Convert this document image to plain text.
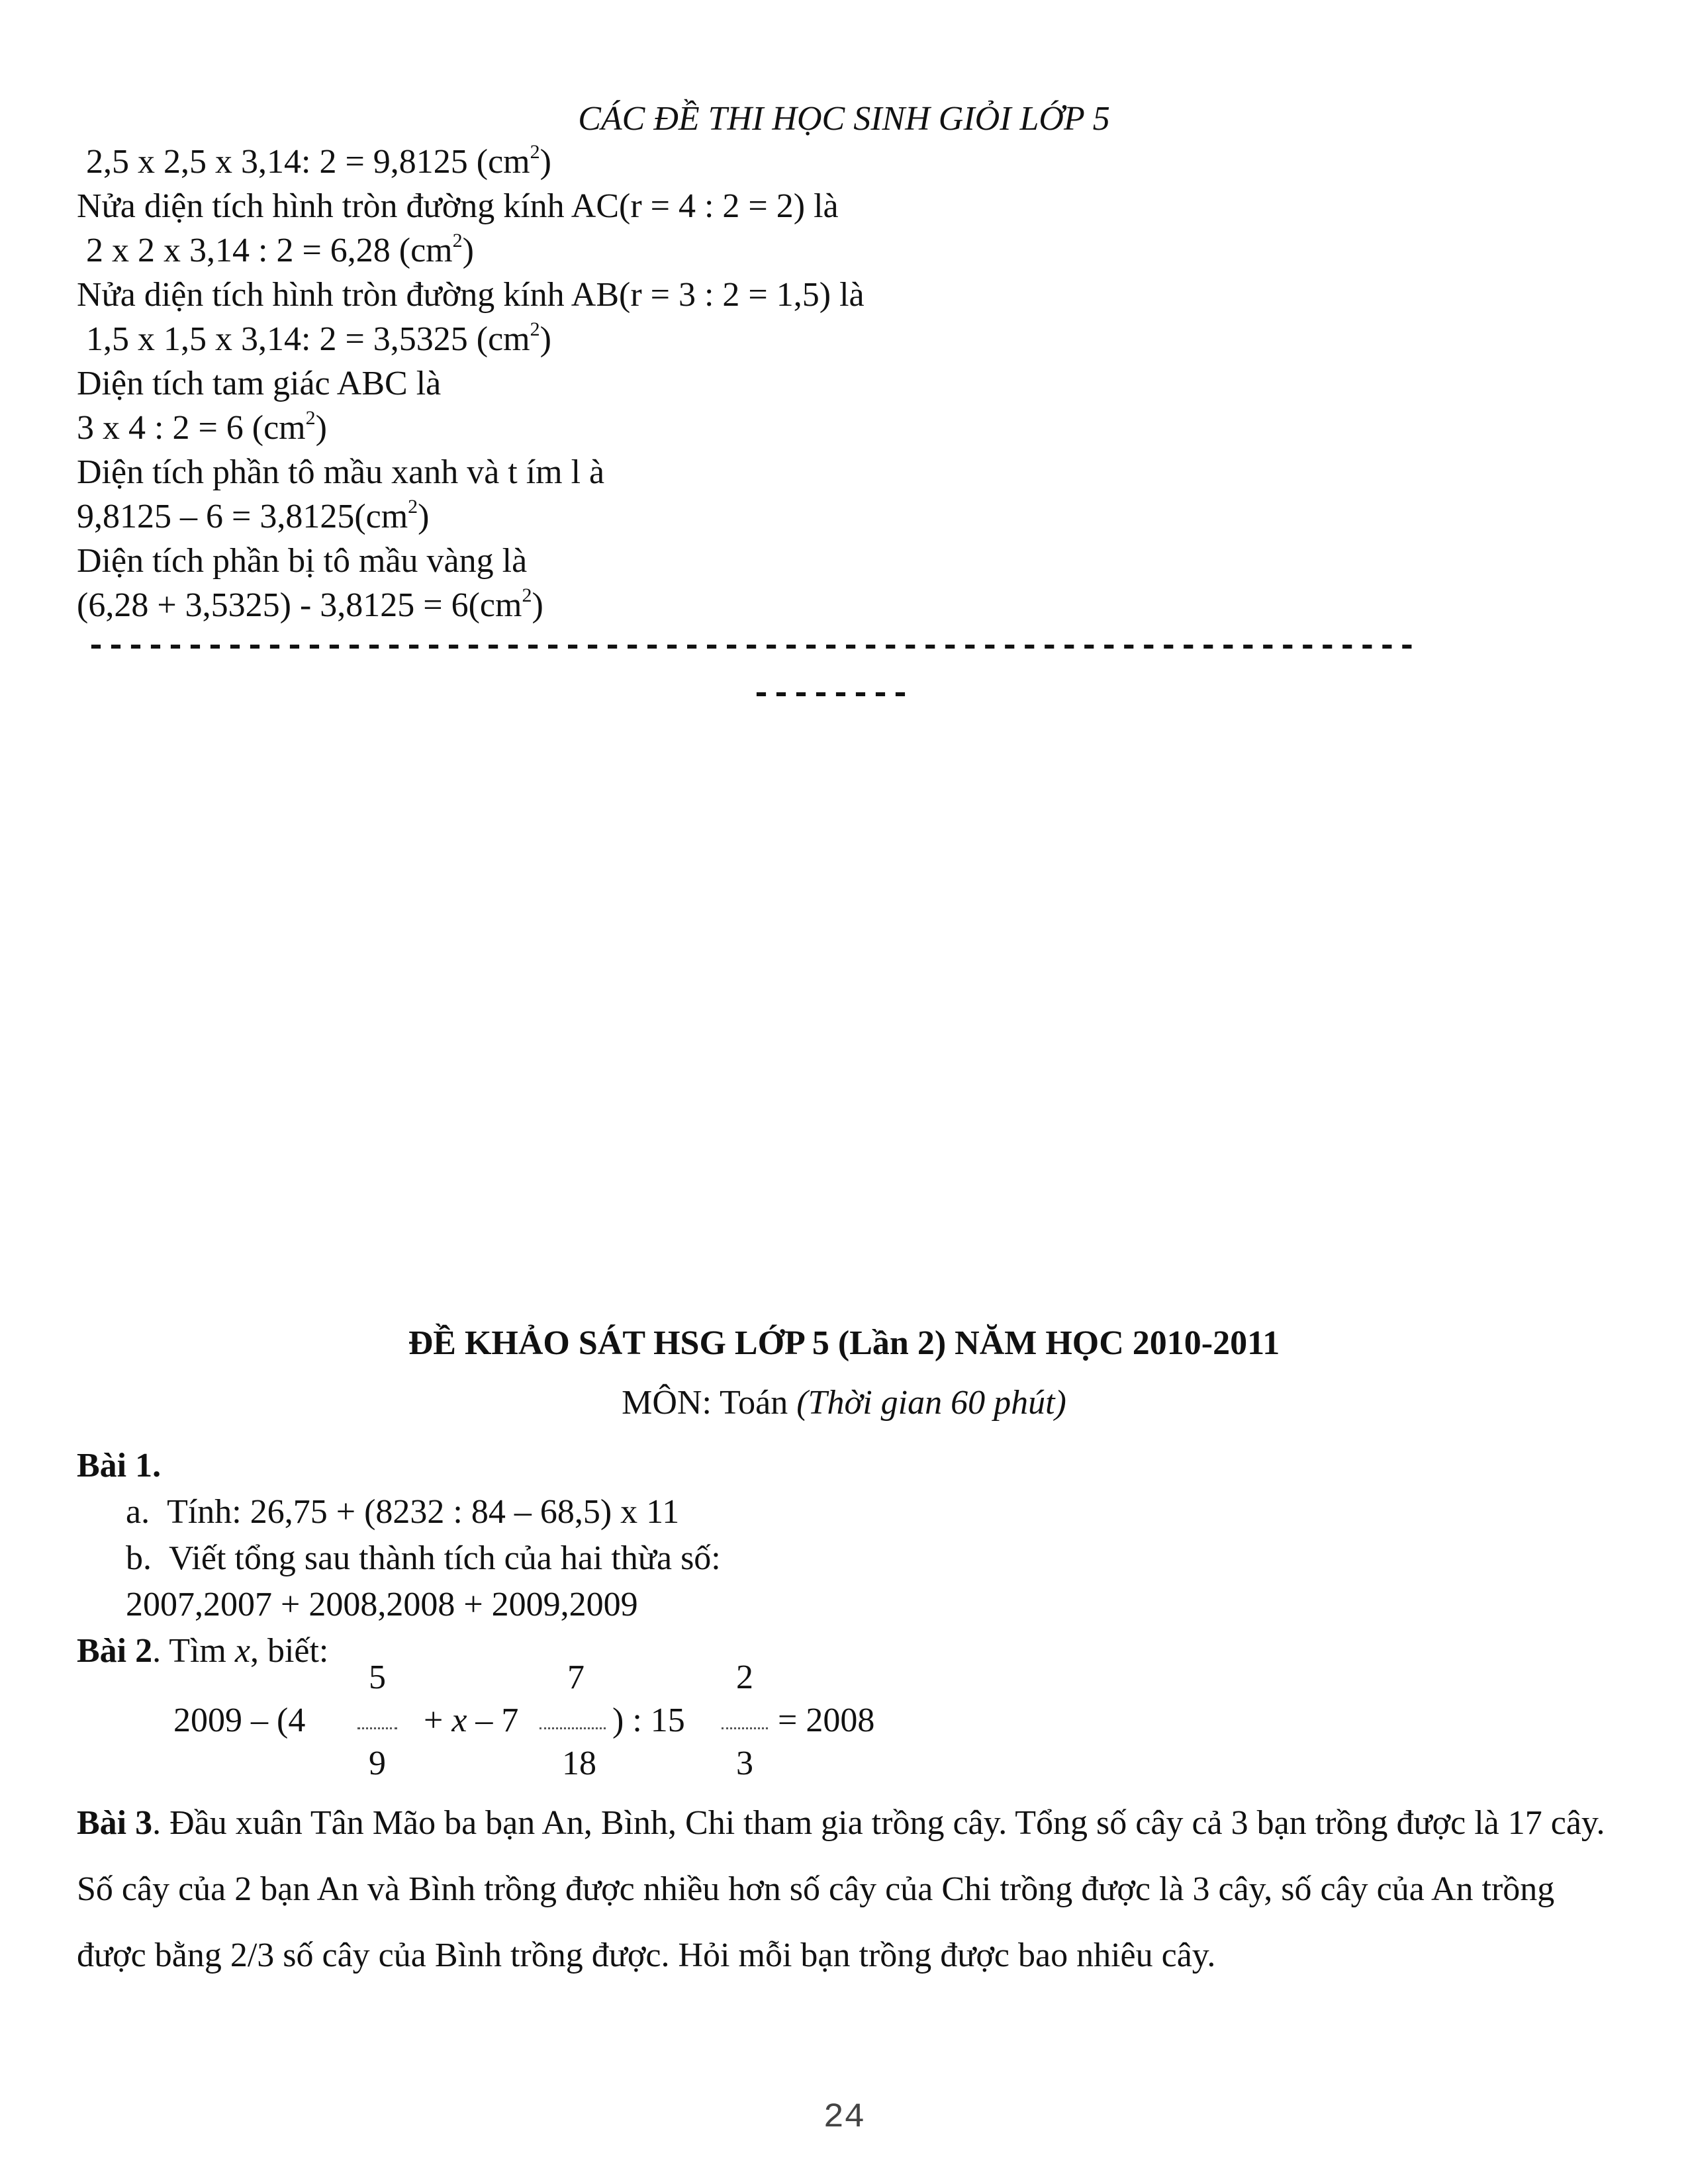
CÁC ĐỀ THI HỌC SINH GIỎI LỚP 5
2,5 x 2,5 x 3,14: 2 = 9,8125 $(cm^2)$
Nửa diện tích hình tròn đường kính AC(r = 4 : 2 = 2) là
2 x 2 x 3,14 : 2 = 6,28 $(cm^2)$
Nửa diện tích hình tròn đường kính AB(r = 3 : 2 = 1,5) là
1,5 x 1,5 x 3,14: 2 = 3,5325 $(cm^2)$
Diện tích tam giác ABC là
3 x 4 : 2 = 6 $(cm^2)$
Diện tích phần tô mầu xanh và t ím l à
$9,8125 - 6 = 3,8125(cm^2)$
Diện tích phần bị tô mầu vàng là
$(6,28 + 3,5325) - 3,8125 = 6(cm^2)$
-------------------------------------------------------------------
--------
ĐỀ KHẢO SÁT HSG LỚP 5 (Lần 2) NĂM HỌC 2010-2011
MÔN: Toán (Thời gian 60 phút)
Bài 1.
a. Tính: 26,75 + (8232 : 84 – 68,5) x 11
b. Viết tổng sau thành tích của hai thừa số:
2007,2007 + 2008,2008 + 2009,2009
Bài 2. Tìm x, biết:
5	7	2
2009 – (4	+ x – 7	) : 15	= 2008
9	18	3
Bài 3. Đầu xuân Tân Mão ba bạn An, Bình, Chi tham gia trồng cây. Tổng số cây cả 3 bạn trồng được là 17 cây. Số cây của 2 bạn An và Bình trồng được nhiều hơn số cây của Chi trồng được là 3 cây, số cây của An trồng được bằng 2/3 số cây của Bình trồng được. Hỏi mỗi bạn trồng được bao nhiêu cây.
24
